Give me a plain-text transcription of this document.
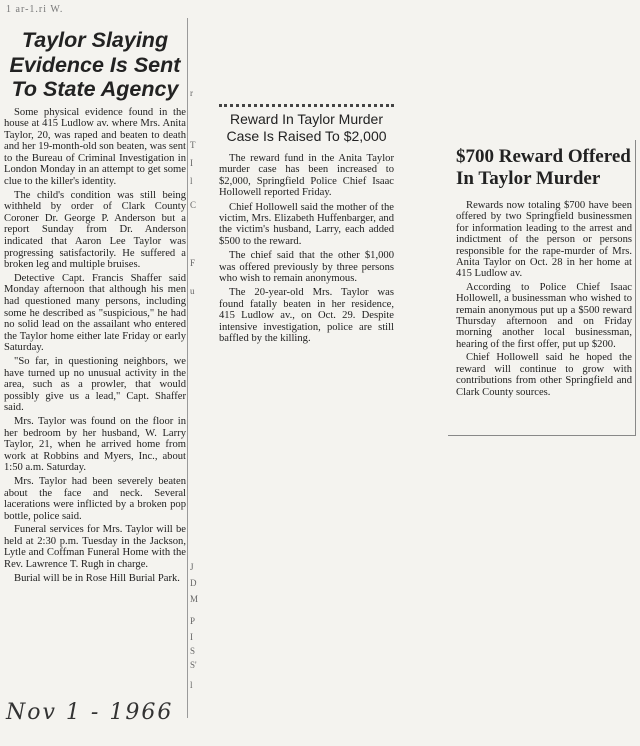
1 ar-1.ri W.
Taylor Slaying Evidence Is Sent To State Agency

Some physical evidence found in the house at 415 Ludlow av. where Mrs. Anita Taylor, 20, was raped and beaten to death and her 19-month-old son beaten, was sent to the Bureau of Criminal Investigation in London Monday in an attempt to get some clue to the killer's identity.

The child's condition was still being withheld by order of Clark County Coroner Dr. George P. Anderson but a report Sunday from Dr. Anderson indicated that Aaron Lee Taylor was progressing satisfactorily. He suffered a broken leg and multiple bruises.

Detective Capt. Francis Shaffer said Monday afternoon that although his men had questioned many persons, including some he described as "suspicious," he had no solid lead on the assailant who entered the Taylor home either late Friday or early Saturday.

"So far, in questioning neighbors, we have turned up no unusual activity in the area, such as a prowler, that would possibly give us a lead," Capt. Shaffer said.

Mrs. Taylor was found on the floor in her bedroom by her husband, W. Larry Taylor, 21, when he arrived home from work at Robbins and Myers, Inc., about 1:50 a.m. Saturday.

Mrs. Taylor had been severely beaten about the face and neck. Several lacerations were inflicted by a broken pop bottle, police said.

Funeral services for Mrs. Taylor will be held at 2:30 p.m. Tuesday in the Jackson, Lytle and Coffman Funeral Home with the Rev. Lawrence T. Rugh in charge.

Burial will be in Rose Hill Burial Park.

r
T
I
l
C
F
u
J
D
M
P
I
S
S'
l
Nov 1 - 1966
Reward In Taylor Murder Case Is Raised To $2,000

The reward fund in the Anita Taylor murder case has been increased to $2,000, Springfield Police Chief Isaac Hollowell reported Friday.

Chief Hollowell said the mother of the victim, Mrs. Elizabeth Huffenbarger, and the victim's husband, Larry, each added $500 to the reward.

The chief said that the other $1,000 was offered previously by three persons who wish to remain anonymous.

The 20-year-old Mrs. Taylor was found fatally beaten in her residence, 415 Ludlow av., on Oct. 29. Despite intensive investigation, police are still baffled by the killing.

$700 Reward Offered In Taylor Murder

Rewards now totaling $700 have been offered by two Springfield businessmen for information leading to the arrest and indictment of the person or persons responsible for the rape-murder of Mrs. Anita Taylor on Oct. 28 in her home at 415 Ludlow av.

According to Police Chief Isaac Hollowell, a businessman who wished to remain anonymous put up a $500 reward Thursday afternoon and on Friday morning another local businessman, hearing of the first offer, put up $200.

Chief Hollowell said he hoped the reward will continue to grow with contributions from other Springfield and Clark County sources.
